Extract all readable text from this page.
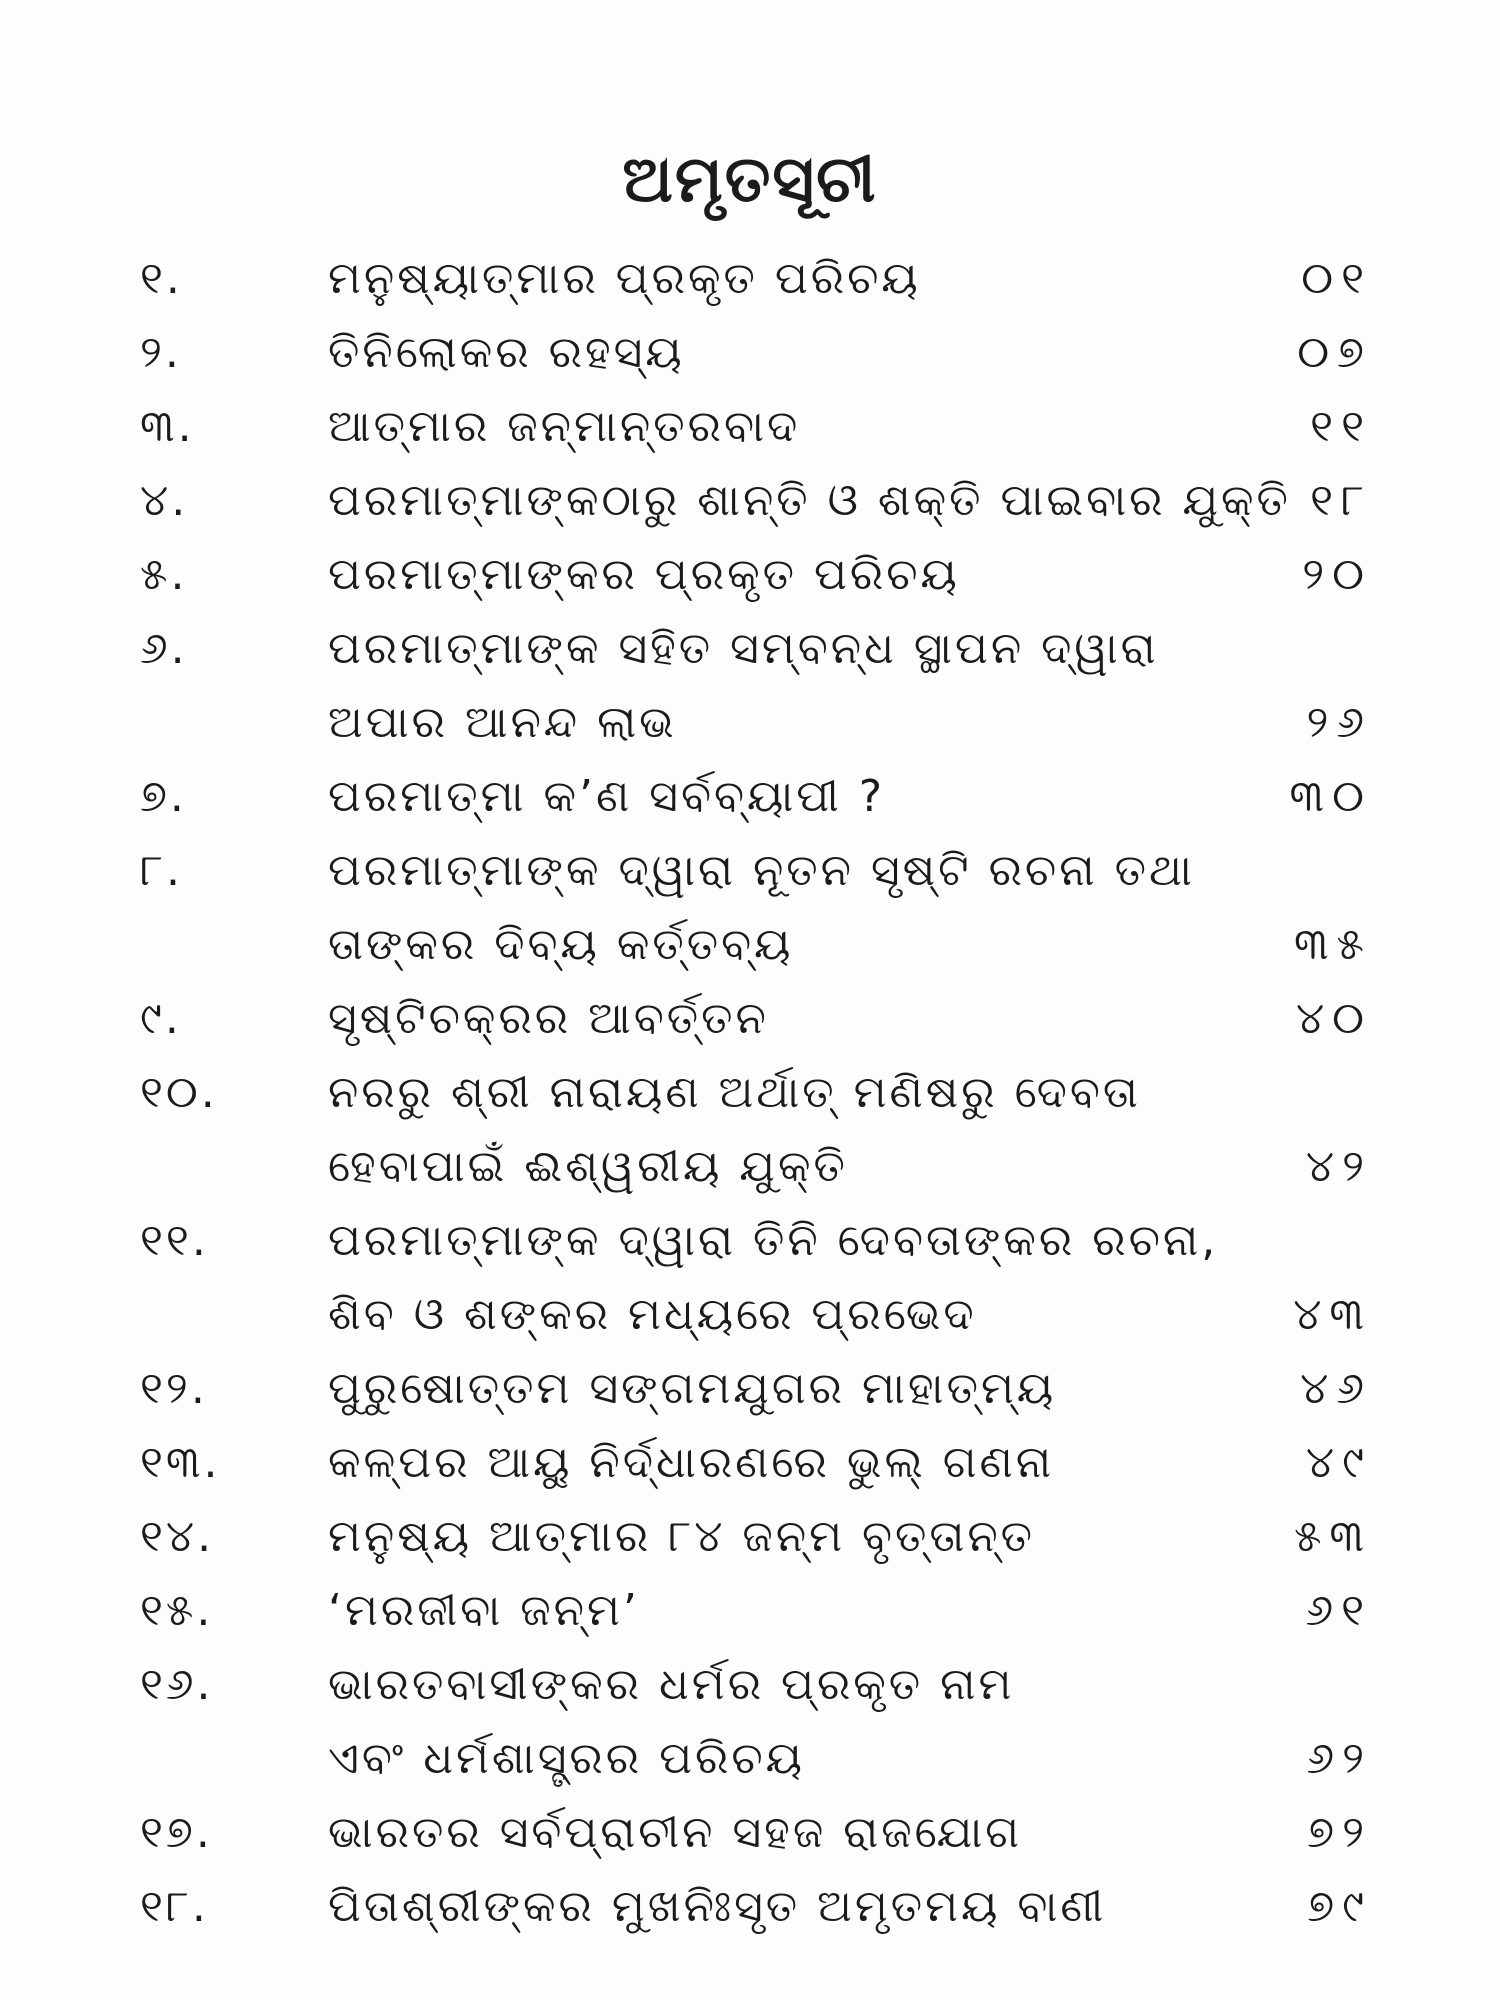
ଅମୃତସୂଚୀ
୧.	ମନୁଷ୍ୟାତ୍ମାର ପ୍ରକୃତ ପରିଚୟ	୦୧
୨.	ତିନିଲୋକର ରହସ୍ୟ	୦୭
୩.	ଆତ୍ମାର ଜନ୍ମାନ୍ତରବାଦ	୧୧
୪.	ପରମାତ୍ମାଙ୍କଠାରୁ ଶାନ୍ତି ଓ ଶକ୍ତି ପାଇବାର ଯୁକ୍ତି ୧୮
୫.	ପରମାତ୍ମାଙ୍କର ପ୍ରକୃତ ପରିଚୟ	୨୦
୬.	ପରମାତ୍ମାଙ୍କ ସହିତ ସମ୍ବନ୍ଧ ସ୍ଥାପନ ଦ୍ୱାରା
ଅପାର ଆନନ୍ଦ ଲାଭ	୨୬
୭.	ପରମାତ୍ମା କ’ଣ ସର୍ବବ୍ୟାପୀ ?	୩୦
୮.	ପରମାତ୍ମାଙ୍କ ଦ୍ୱାରା ନୂତନ ସୃଷ୍ଟି ରଚନା ତଥା
ତାଙ୍କର ଦିବ୍ୟ କର୍ତ୍ତବ୍ୟ	୩୫
୯.	ସୃଷ୍ଟିଚକ୍ରର ଆବର୍ତ୍ତନ	୪୦
୧୦.	ନରରୁ ଶ୍ରୀ ନାରାୟଣ ଅର୍ଥାତ୍ ମଣିଷରୁ ଦେବତା
ହେବାପାଇଁ ଈଶ୍ୱରୀୟ ଯୁକ୍ତି	୪୨
୧୧.	ପରମାତ୍ମାଙ୍କ ଦ୍ୱାରା ତିନି ଦେବତାଙ୍କର ରଚନା,
ଶିବ ଓ ଶଙ୍କର ମଧ୍ୟରେ ପ୍ରଭେଦ	୪୩
୧୨.	ପୁରୁଷୋତ୍ତମ ସଙ୍ଗମଯୁଗର ମାହାତ୍ମ୍ୟ	୪୬
୧୩. କଳ୍ପର ଆୟୁ ନିର୍ଦ୍ଧାରଣରେ ଭୁଲ୍ ଗଣନା	୪୯
୧୪.	ମନୁଷ୍ୟ ଆତ୍ମାର ୮୪ ଜନ୍ମ ବୃତ୍ତାନ୍ତ	୫୩
୧୫.	‘ମରଜୀବା ଜନ୍ମ’	୬୧
୧୬.	ଭାରତବାସୀଙ୍କର ଧର୍ମର ପ୍ରକୃତ ନାମ
ଏବଂ ଧର୍ମଶାସ୍ତ୍ରର ପରିଚୟ	୬୨
୧୭.	ଭାରତର ସର୍ବପ୍ରାଚୀନ ସହଜ ରାଜଯୋଗ	୭୨
୧୮.	ପିତାଶ୍ରୀଙ୍କର ମୁଖନିଃସୃତ ଅମୃତମୟ ବାଣୀ	୭୯
